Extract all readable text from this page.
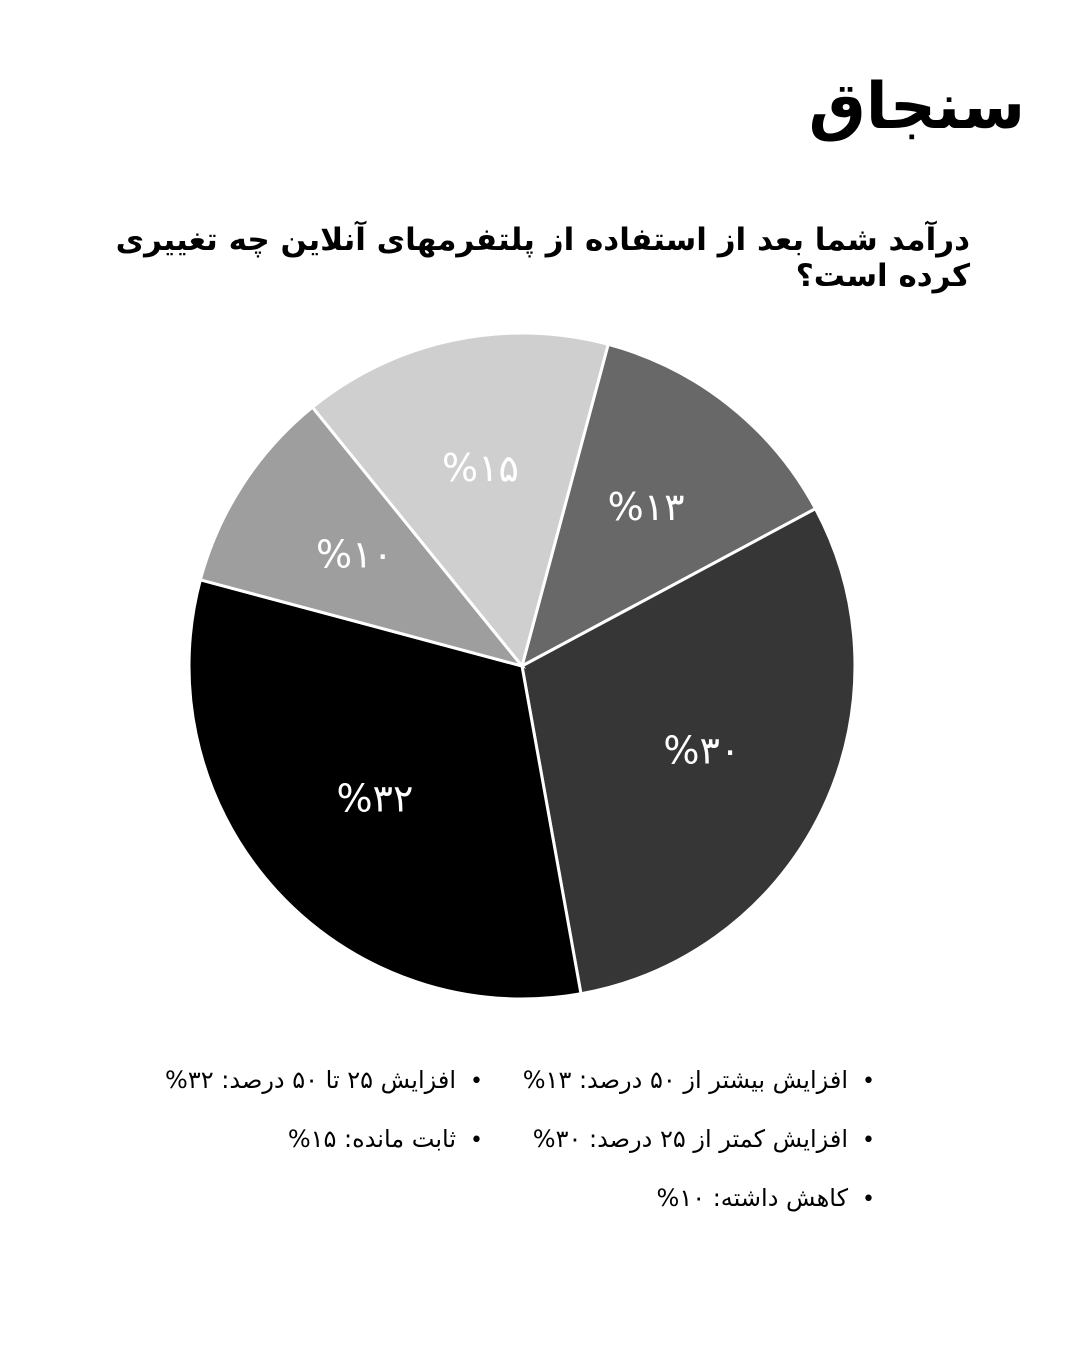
سنجاق
درآمد شما بعد از استفاده از پلتفرمهای آنلاین چه تغییری کرده است؟
%۱۳
%۳۰
%۳۲
%۱۰
%۱۵
•افزایش بیشتر از ۵۰ درصد: ۱۳%
•افزایش ۲۵ تا ۵۰ درصد: ۳۲%
•افزایش کمتر از ۲۵ درصد: ۳۰%
•ثابت مانده: ۱۵%
•کاهش داشته: ۱۰%
